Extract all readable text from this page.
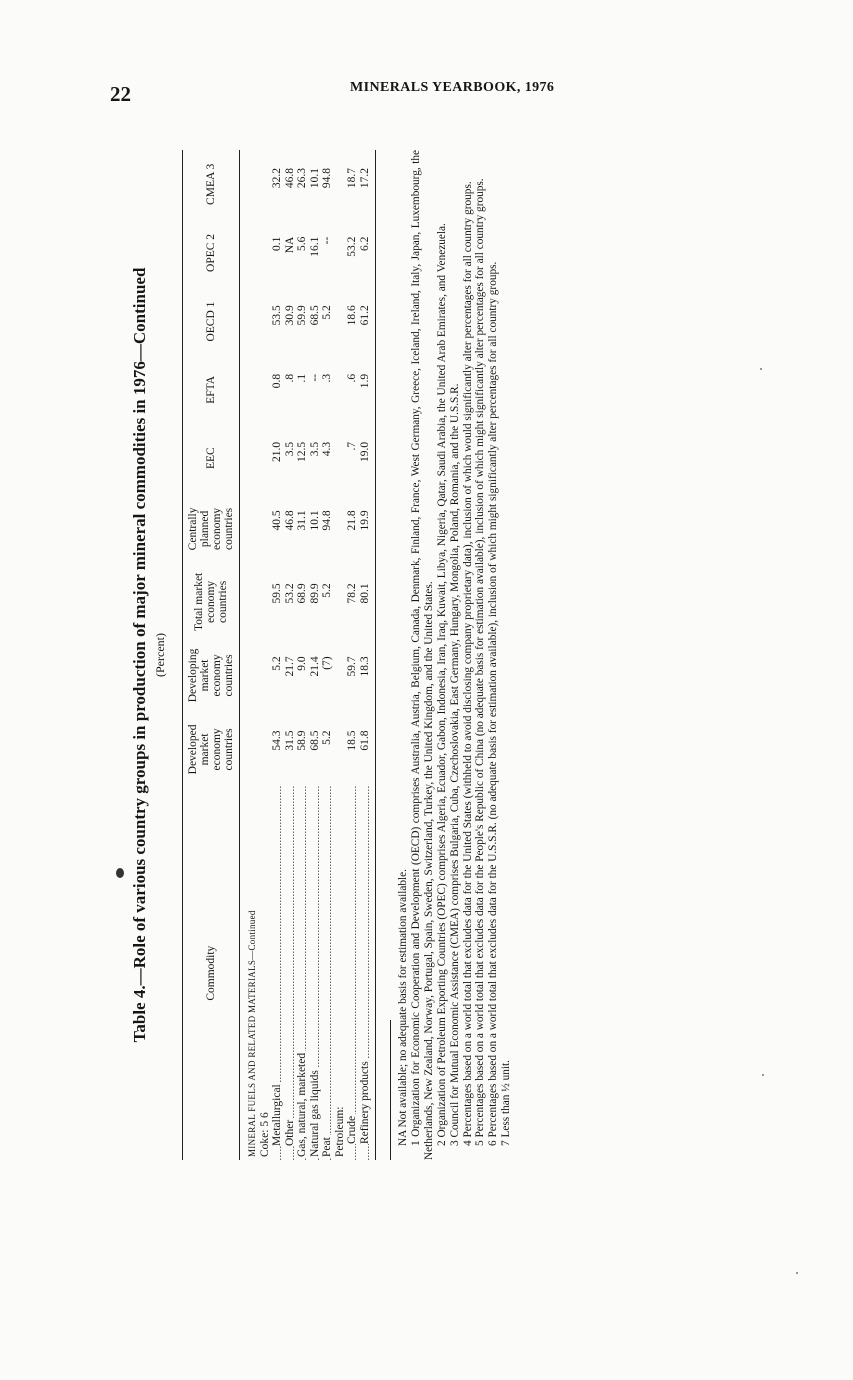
22	MINERALS YEARBOOK, 1976
Table 4.—Role of various country groups in production of major mineral commodities in 1976—Continued (Percent)
Commodity	Developed market economy countries	Developing market economy countries	Total market economy countries	Centrally planned economy countries	EEC	EFTA	OECD 1	OPEC 2	CMEA 3
MINERAL FUELS AND RELATED MATERIALS—Continued									
Coke: 5 6									
Metallurgical	54.3	5.2	59.5	40.5	21.0	0.8	53.5	0.1	32.2
Other	31.5	21.7	53.2	46.8	3.5	.8	30.9	NA	46.8
Gas, natural, marketed	58.9	9.0	68.9	31.1	12.5	.1	59.9	5.6	26.3
Natural gas liquids	68.5	21.4	89.9	10.1	3.5	--	68.5	16.1	10.1
Peat	5.2	(7)	5.2	94.8	4.3	.3	5.2	--	94.8
Petroleum:									
Crude	18.5	59.7	78.2	21.8	.7	.6	18.6	53.2	18.7
Refinery products	61.8	18.3	80.1	19.9	19.0	1.9	61.2	6.2	17.2

NA Not available; no adequate basis for estimation available. 1 Organization for Economic Cooperation and Development (OECD) comprises Australia, Austria, Belgium, Canada, Denmark, Finland, France, West Germany, Greece, Iceland, Ireland, Italy, Japan, Luxembourg, the Netherlands, New Zealand, Norway, Portugal, Spain, Sweden, Switzerland, Turkey, the United Kingdom, and the United States. 2 Organization of Petroleum Exporting Countries (OPEC) comprises Algeria, Ecuador, Gabon, Indonesia, Iran, Iraq, Kuwait, Libya, Nigeria, Qatar, Saudi Arabia, the United Arab Emirates, and Venezuela. 3 Council for Mutual Economic Assistance (CMEA) comprises Bulgaria, Cuba, Czechoslovakia, East Germany, Hungary, Mongolia, Poland, Romania, and the U.S.S.R. 4 Percentages based on a world total that excludes data for the United States (withheld to avoid disclosing company proprietary data), inclusion of which would significantly alter percentages for all country groups. 5 Percentages based on a world total that excludes data for the People's Republic of China (no adequate basis for estimation available), inclusion of which might significantly alter percentages for all country groups. 6 Percentages based on a world total that excludes data for the U.S.S.R. (no adequate basis for estimation available), inclusion of which might significantly alter percentages for all country groups. 7 Less than ½ unit.
